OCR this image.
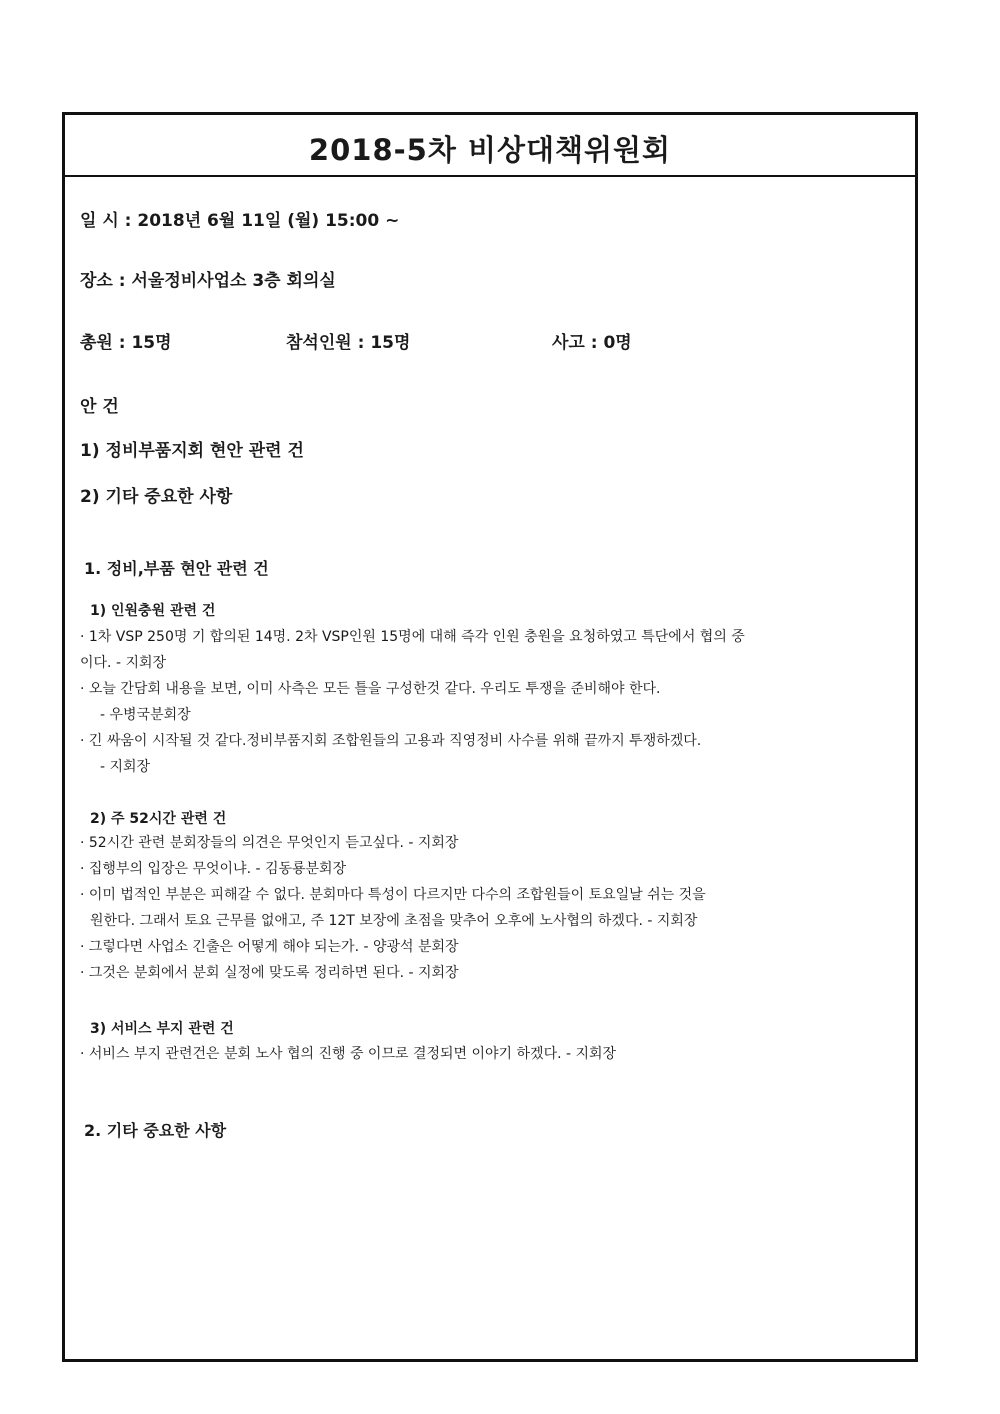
2018-5차 비상대책위원회
일 시 : 2018년 6월 11일 (월) 15:00 ~
장소 : 서울정비사업소 3층 회의실
총원 : 15명	참석인원 : 15명	사고 : 0명
안 건
1) 정비부품지회 현안 관련 건
2) 기타 중요한 사항
1. 정비,부품 현안 관련 건
1) 인원충원 관련 건
· 1차 VSP 250명 기 합의된 14명. 2차 VSP인원 15명에 대해 즉각 인원 충원을 요청하였고 특단에서 협의 중
이다. - 지회장
· 오늘 간담회 내용을 보면, 이미 사측은 모든 틀을 구성한것 같다. 우리도 투쟁을 준비해야 한다.
- 우병국분회장
· 긴 싸움이 시작될 것 같다.정비부품지회 조합원들의 고용과 직영정비 사수를 위해 끝까지 투쟁하겠다.
- 지회장
2) 주 52시간 관련 건
· 52시간 관련 분회장들의 의견은 무엇인지 듣고싶다. - 지회장
· 집행부의 입장은 무엇이냐. - 김동룡분회장
· 이미 법적인 부분은 피해갈 수 없다. 분회마다 특성이 다르지만 다수의 조합원들이 토요일날 쉬는 것을
원한다. 그래서 토요 근무를 없애고, 주 12T 보장에 초점을 맞추어 오후에 노사협의 하겠다. - 지회장
· 그렇다면 사업소 긴출은 어떻게 해야 되는가. - 양광석 분회장
· 그것은 분회에서 분회 실정에 맞도록 정리하면 된다. - 지회장
3) 서비스 부지 관련 건
· 서비스 부지 관련건은 분회 노사 협의 진행 중 이므로 결정되면 이야기 하겠다. - 지회장
2. 기타 중요한 사항
